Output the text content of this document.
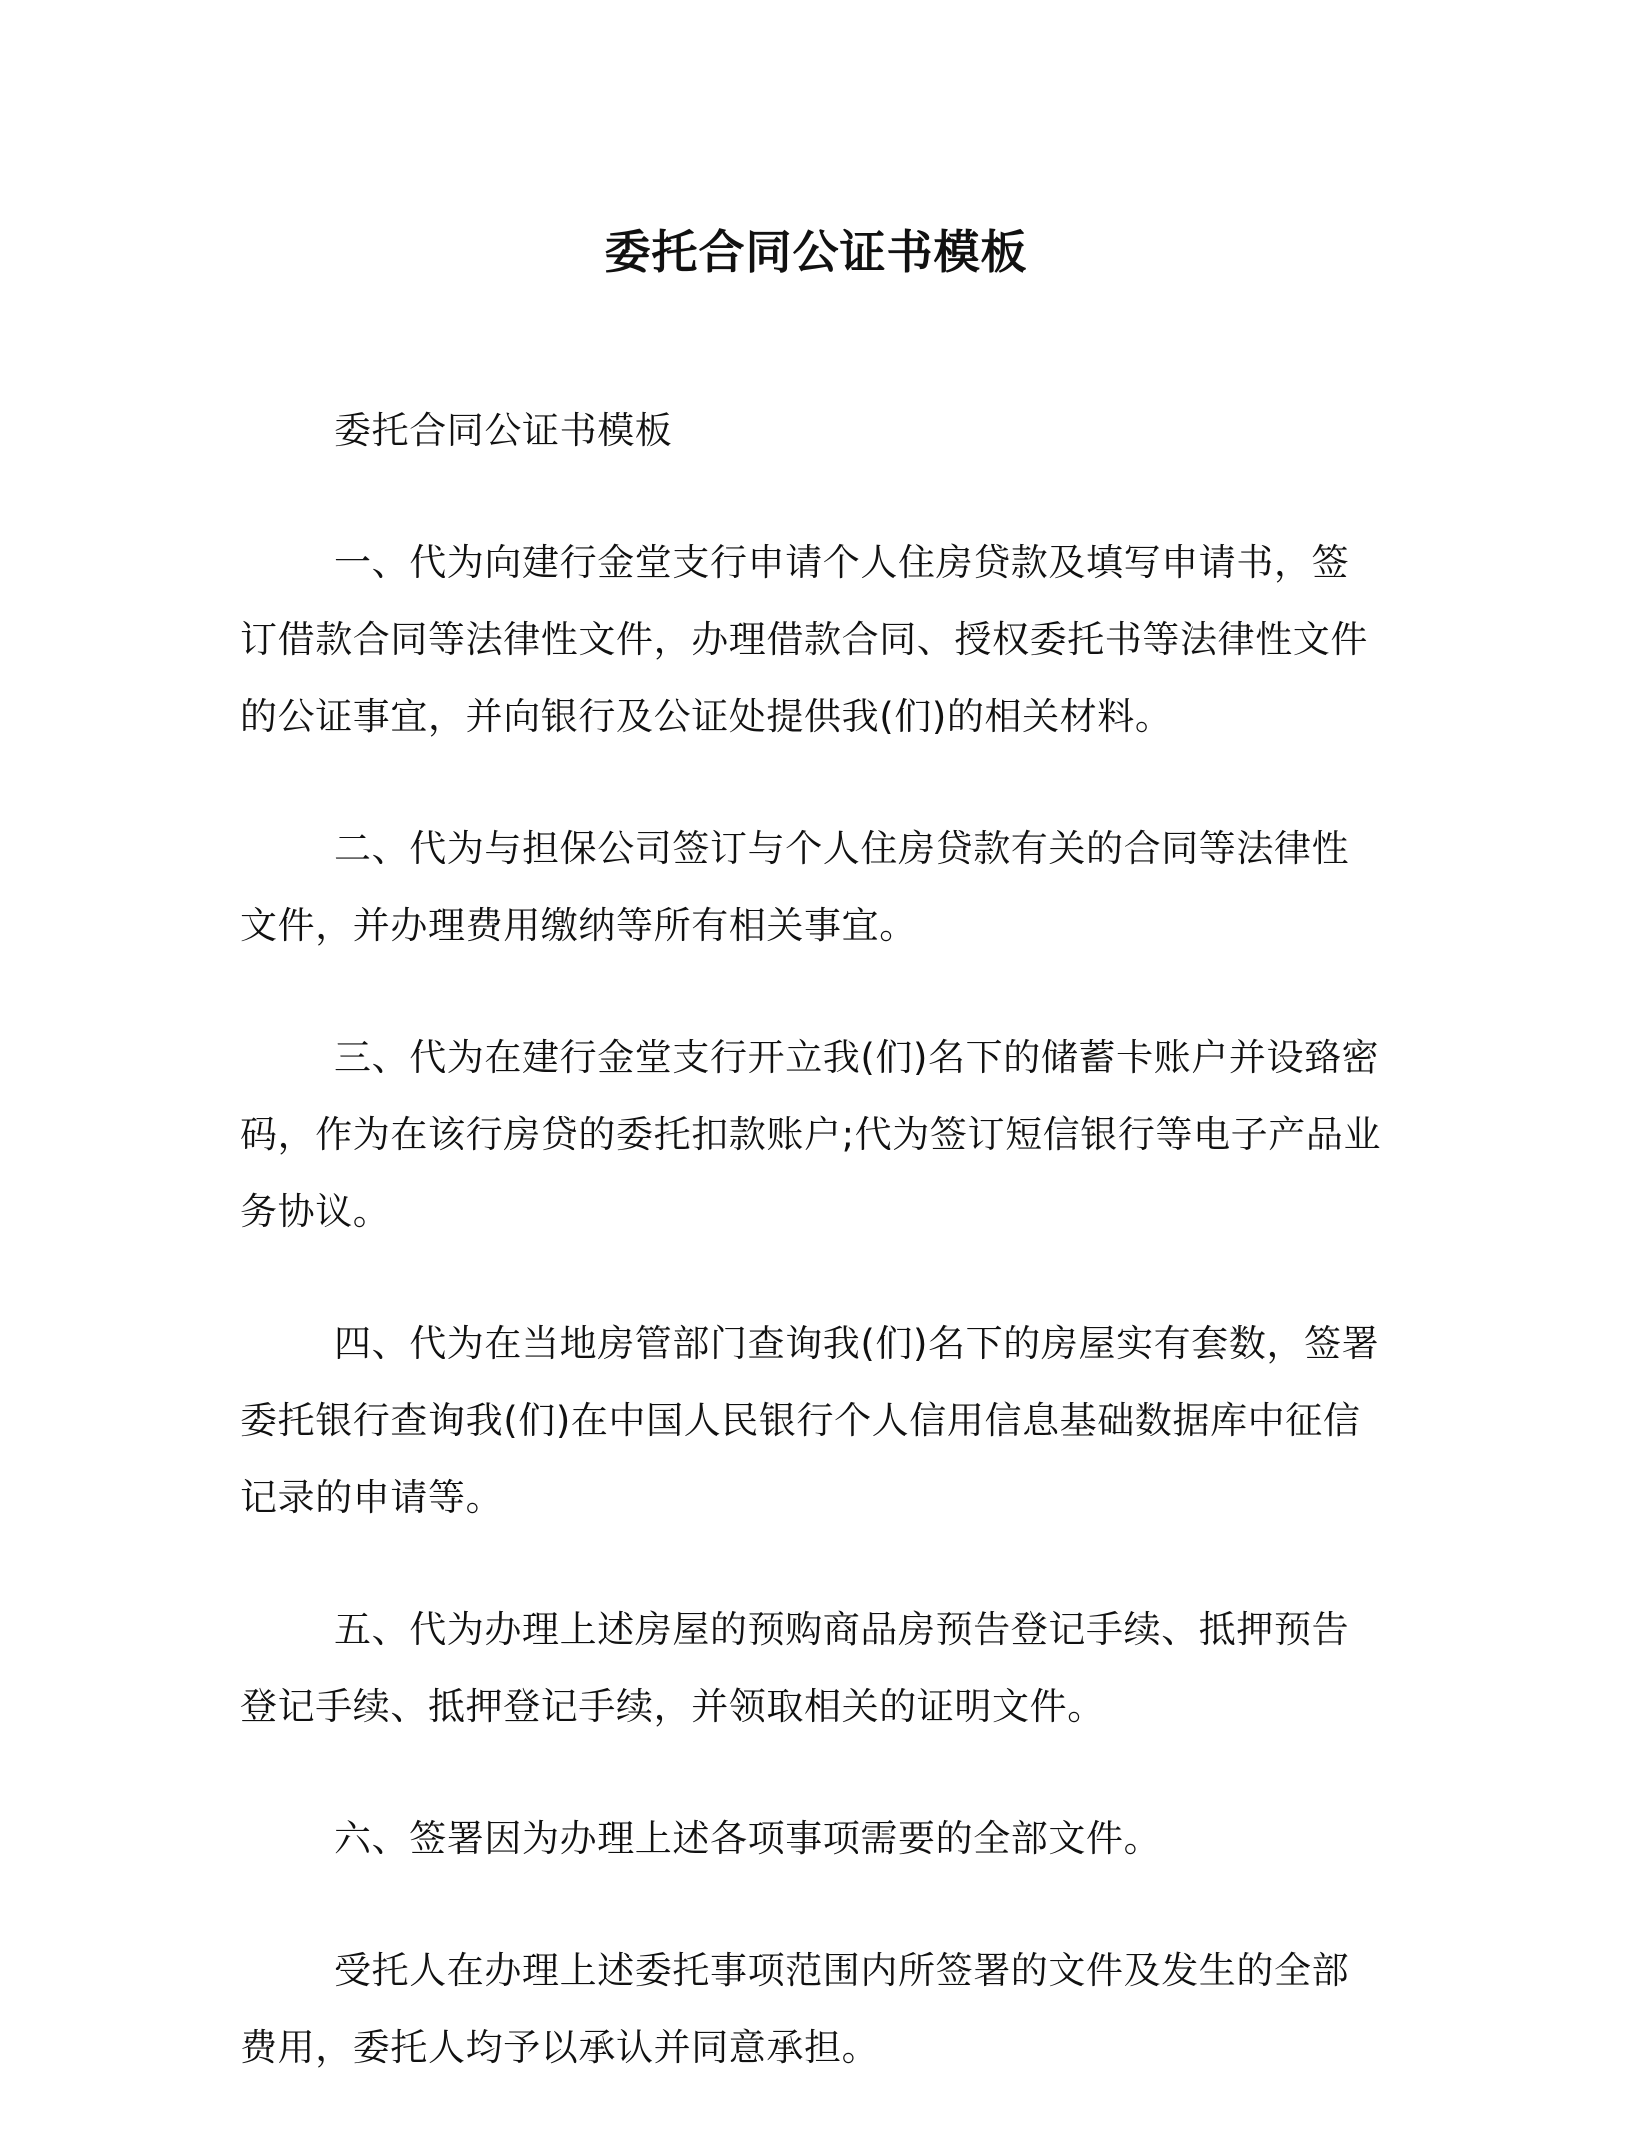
委托合同公证书模板

委托合同公证书模板

一、代为向建行金堂支行申请个人住房贷款及填写申请书，签订借款合同等法律性文件，办理借款合同、授权委托书等法律性文件的公证事宜，并向银行及公证处提供我(们)的相关材料。

二、代为与担保公司签订与个人住房贷款有关的合同等法律性文件，并办理费用缴纳等所有相关事宜。

三、代为在建行金堂支行开立我(们)名下的储蓄卡账户并设臵密码，作为在该行房贷的委托扣款账户;代为签订短信银行等电子产品业务协议。

四、代为在当地房管部门查询我(们)名下的房屋实有套数，签署委托银行查询我(们)在中国人民银行个人信用信息基础数据库中征信记录的申请等。

五、代为办理上述房屋的预购商品房预告登记手续、抵押预告登记手续、抵押登记手续，并领取相关的证明文件。

六、签署因为办理上述各项事项需要的全部文件。

受托人在办理上述委托事项范围内所签署的文件及发生的全部费用，委托人均予以承认并同意承担。
